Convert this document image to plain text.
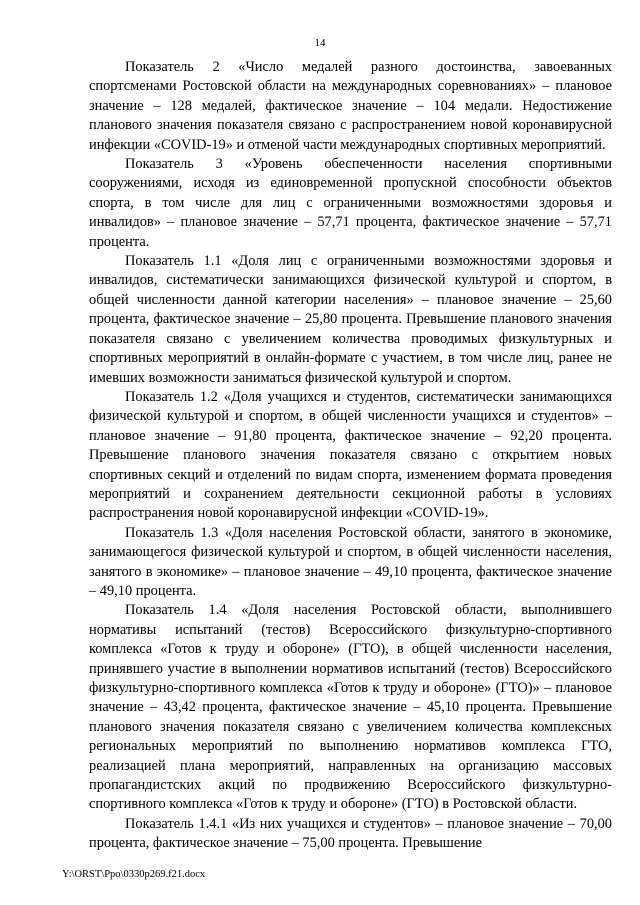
14

Показатель 2 «Число медалей разного достоинства, завоеванных спортсменами Ростовской области на международных соревнованиях» – плановое значение – 128 медалей, фактическое значение – 104 медали. Недостижение планового значения показателя связано с распространением новой коронавирусной инфекции «COVID-19» и отменой части международных спортивных мероприятий.

Показатель 3 «Уровень обеспеченности населения спортивными сооружениями, исходя из единовременной пропускной способности объектов спорта, в том числе для лиц с ограниченными возможностями здоровья и инвалидов» – плановое значение – 57,71 процента, фактическое значение – 57,71 процента.

Показатель 1.1 «Доля лиц с ограниченными возможностями здоровья и инвалидов, систематически занимающихся физической культурой и спортом, в общей численности данной категории населения» – плановое значение – 25,60 процента, фактическое значение – 25,80 процента. Превышение планового значения показателя связано с увеличением количества проводимых физкультурных и спортивных мероприятий в онлайн-формате с участием, в том числе лиц, ранее не имевших возможности заниматься физической культурой и спортом.

Показатель 1.2 «Доля учащихся и студентов, систематически занимающихся физической культурой и спортом, в общей численности учащихся и студентов» – плановое значение – 91,80 процента, фактическое значение – 92,20 процента. Превышение планового значения показателя связано с открытием новых спортивных секций и отделений по видам спорта, изменением формата проведения мероприятий и сохранением деятельности секционной работы в условиях распространения новой коронавирусной инфекции «COVID-19».

Показатель 1.3 «Доля населения Ростовской области, занятого в экономике, занимающегося физической культурой и спортом, в общей численности населения, занятого в экономике» – плановое значение – 49,10 процента, фактическое значение – 49,10 процента.

Показатель 1.4 «Доля населения Ростовской области, выполнившего нормативы испытаний (тестов) Всероссийского физкультурно-спортивного комплекса «Готов к труду и обороне» (ГТО), в общей численности населения, принявшего участие в выполнении нормативов испытаний (тестов) Всероссийского физкультурно-спортивного комплекса «Готов к труду и обороне» (ГТО)» – плановое значение – 43,42 процента, фактическое значение – 45,10 процента. Превышение планового значения показателя связано с увеличением количества комплексных региональных мероприятий по выполнению нормативов комплекса ГТО, реализацией плана мероприятий, направленных на организацию массовых пропагандистских акций по продвижению Всероссийского физкультурно-спортивного комплекса «Готов к труду и обороне» (ГТО) в Ростовской области.

Показатель 1.4.1 «Из них учащихся и студентов» – плановое значение – 70,00 процента, фактическое значение – 75,00 процента. Превышение

Y:\ORST\Ppo\0330p269.f21.docx
